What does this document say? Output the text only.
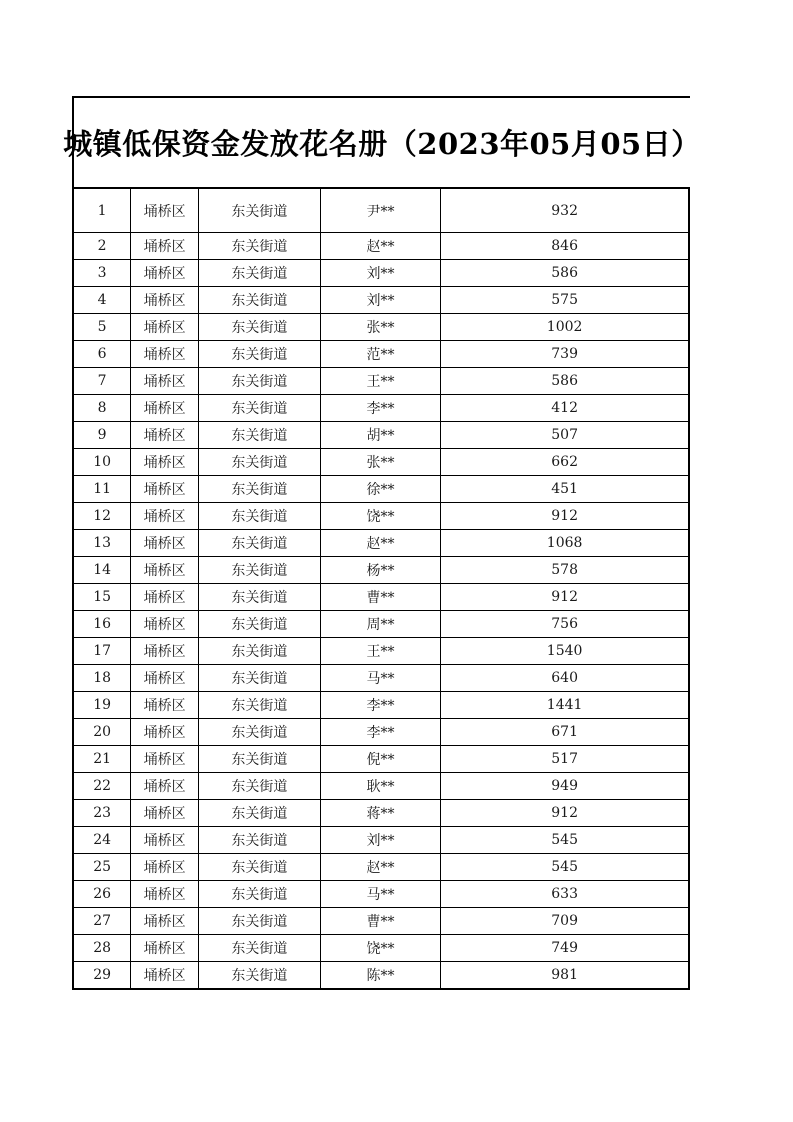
城镇低保资金发放花名册（2023年05月05日）
1	埇桥区	东关街道	尹**	932
2	埇桥区	东关街道	赵**	846
3	埇桥区	东关街道	刘**	586
4	埇桥区	东关街道	刘**	575
5	埇桥区	东关街道	张**	1002
6	埇桥区	东关街道	范**	739
7	埇桥区	东关街道	王**	586
8	埇桥区	东关街道	李**	412
9	埇桥区	东关街道	胡**	507
10	埇桥区	东关街道	张**	662
11	埇桥区	东关街道	徐**	451
12	埇桥区	东关街道	饶**	912
13	埇桥区	东关街道	赵**	1068
14	埇桥区	东关街道	杨**	578
15	埇桥区	东关街道	曹**	912
16	埇桥区	东关街道	周**	756
17	埇桥区	东关街道	王**	1540
18	埇桥区	东关街道	马**	640
19	埇桥区	东关街道	李**	1441
20	埇桥区	东关街道	李**	671
21	埇桥区	东关街道	倪**	517
22	埇桥区	东关街道	耿**	949
23	埇桥区	东关街道	蒋**	912
24	埇桥区	东关街道	刘**	545
25	埇桥区	东关街道	赵**	545
26	埇桥区	东关街道	马**	633
27	埇桥区	东关街道	曹**	709
28	埇桥区	东关街道	饶**	749
29	埇桥区	东关街道	陈**	981
